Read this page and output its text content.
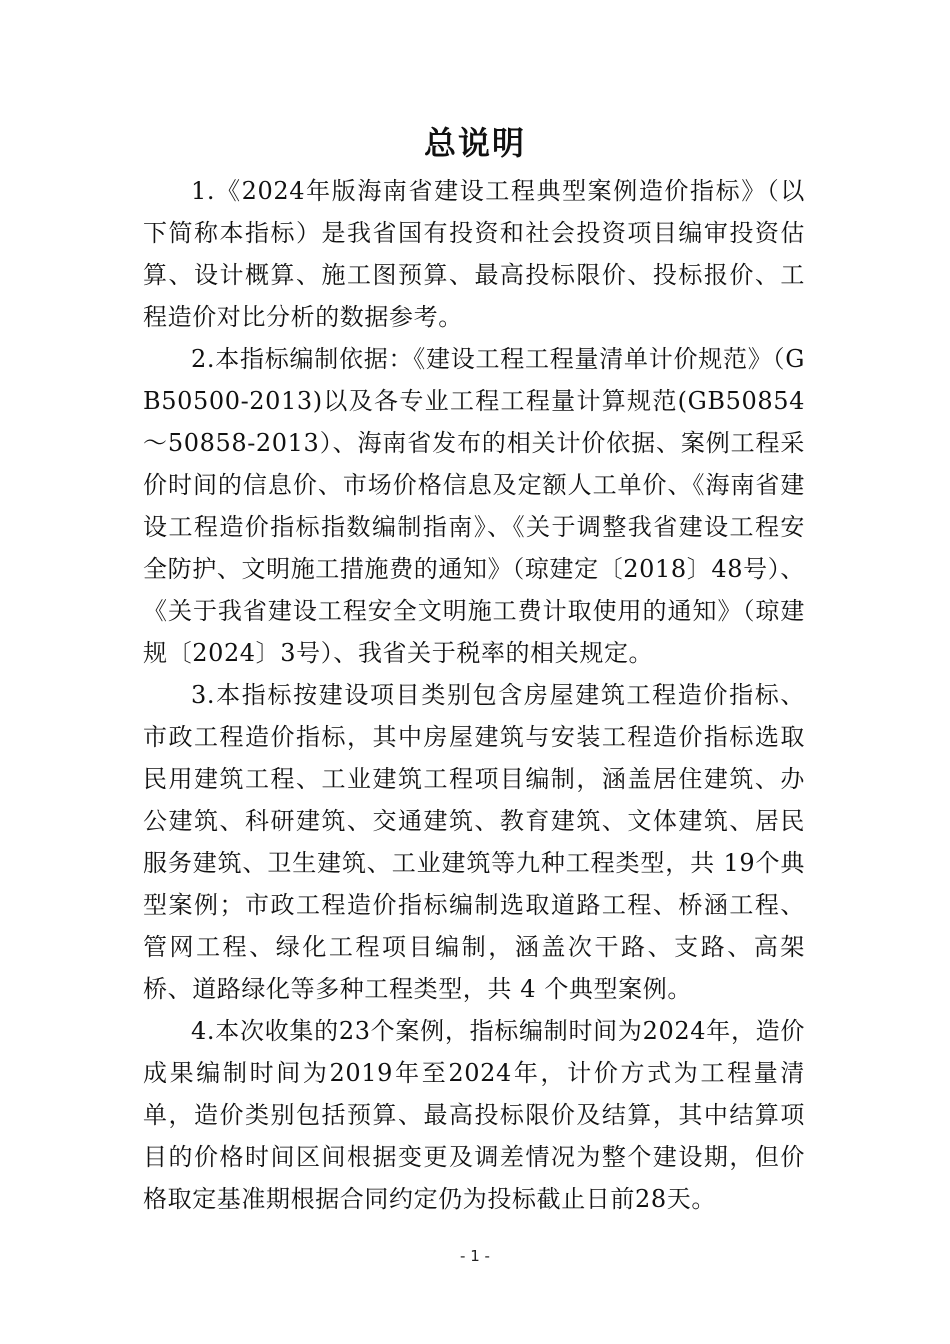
总说明

1.《2024年版海南省建设工程典型案例造价指标》（以下简称本指标）是我省国有投资和社会投资项目编审投资估算、设计概算、施工图预算、最高投标限价、投标报价、工程造价对比分析的数据参考。

2.本指标编制依据：《建设工程工程量清单计价规范》（GB50500-2013)以及各专业工程工程量计算规范(GB50854～50858-2013）、海南省发布的相关计价依据、案例工程采价时间的信息价、市场价格信息及定额人工单价、《海南省建设工程造价指标指数编制指南》、《关于调整我省建设工程安全防护、文明施工措施费的通知》（琼建定〔2018〕48号）、《关于我省建设工程安全文明施工费计取使用的通知》（琼建规〔2024〕3号）、我省关于税率的相关规定。

3.本指标按建设项目类别包含房屋建筑工程造价指标、市政工程造价指标，其中房屋建筑与安装工程造价指标选取民用建筑工程、工业建筑工程项目编制，涵盖居住建筑、办公建筑、科研建筑、交通建筑、教育建筑、文体建筑、居民服务建筑、卫生建筑、工业建筑等九种工程类型，共 19个典型案例；市政工程造价指标编制选取道路工程、桥涵工程、管网工程、绿化工程项目编制，涵盖次干路、支路、高架桥、道路绿化等多种工程类型，共 4 个典型案例。

4.本次收集的23个案例，指标编制时间为2024年，造价成果编制时间为2019年至2024年，计价方式为工程量清单，造价类别包括预算、最高投标限价及结算，其中结算项目的价格时间区间根据变更及调差情况为整个建设期，但价格取定基准期根据合同约定仍为投标截止日前28天。

- 1 -
